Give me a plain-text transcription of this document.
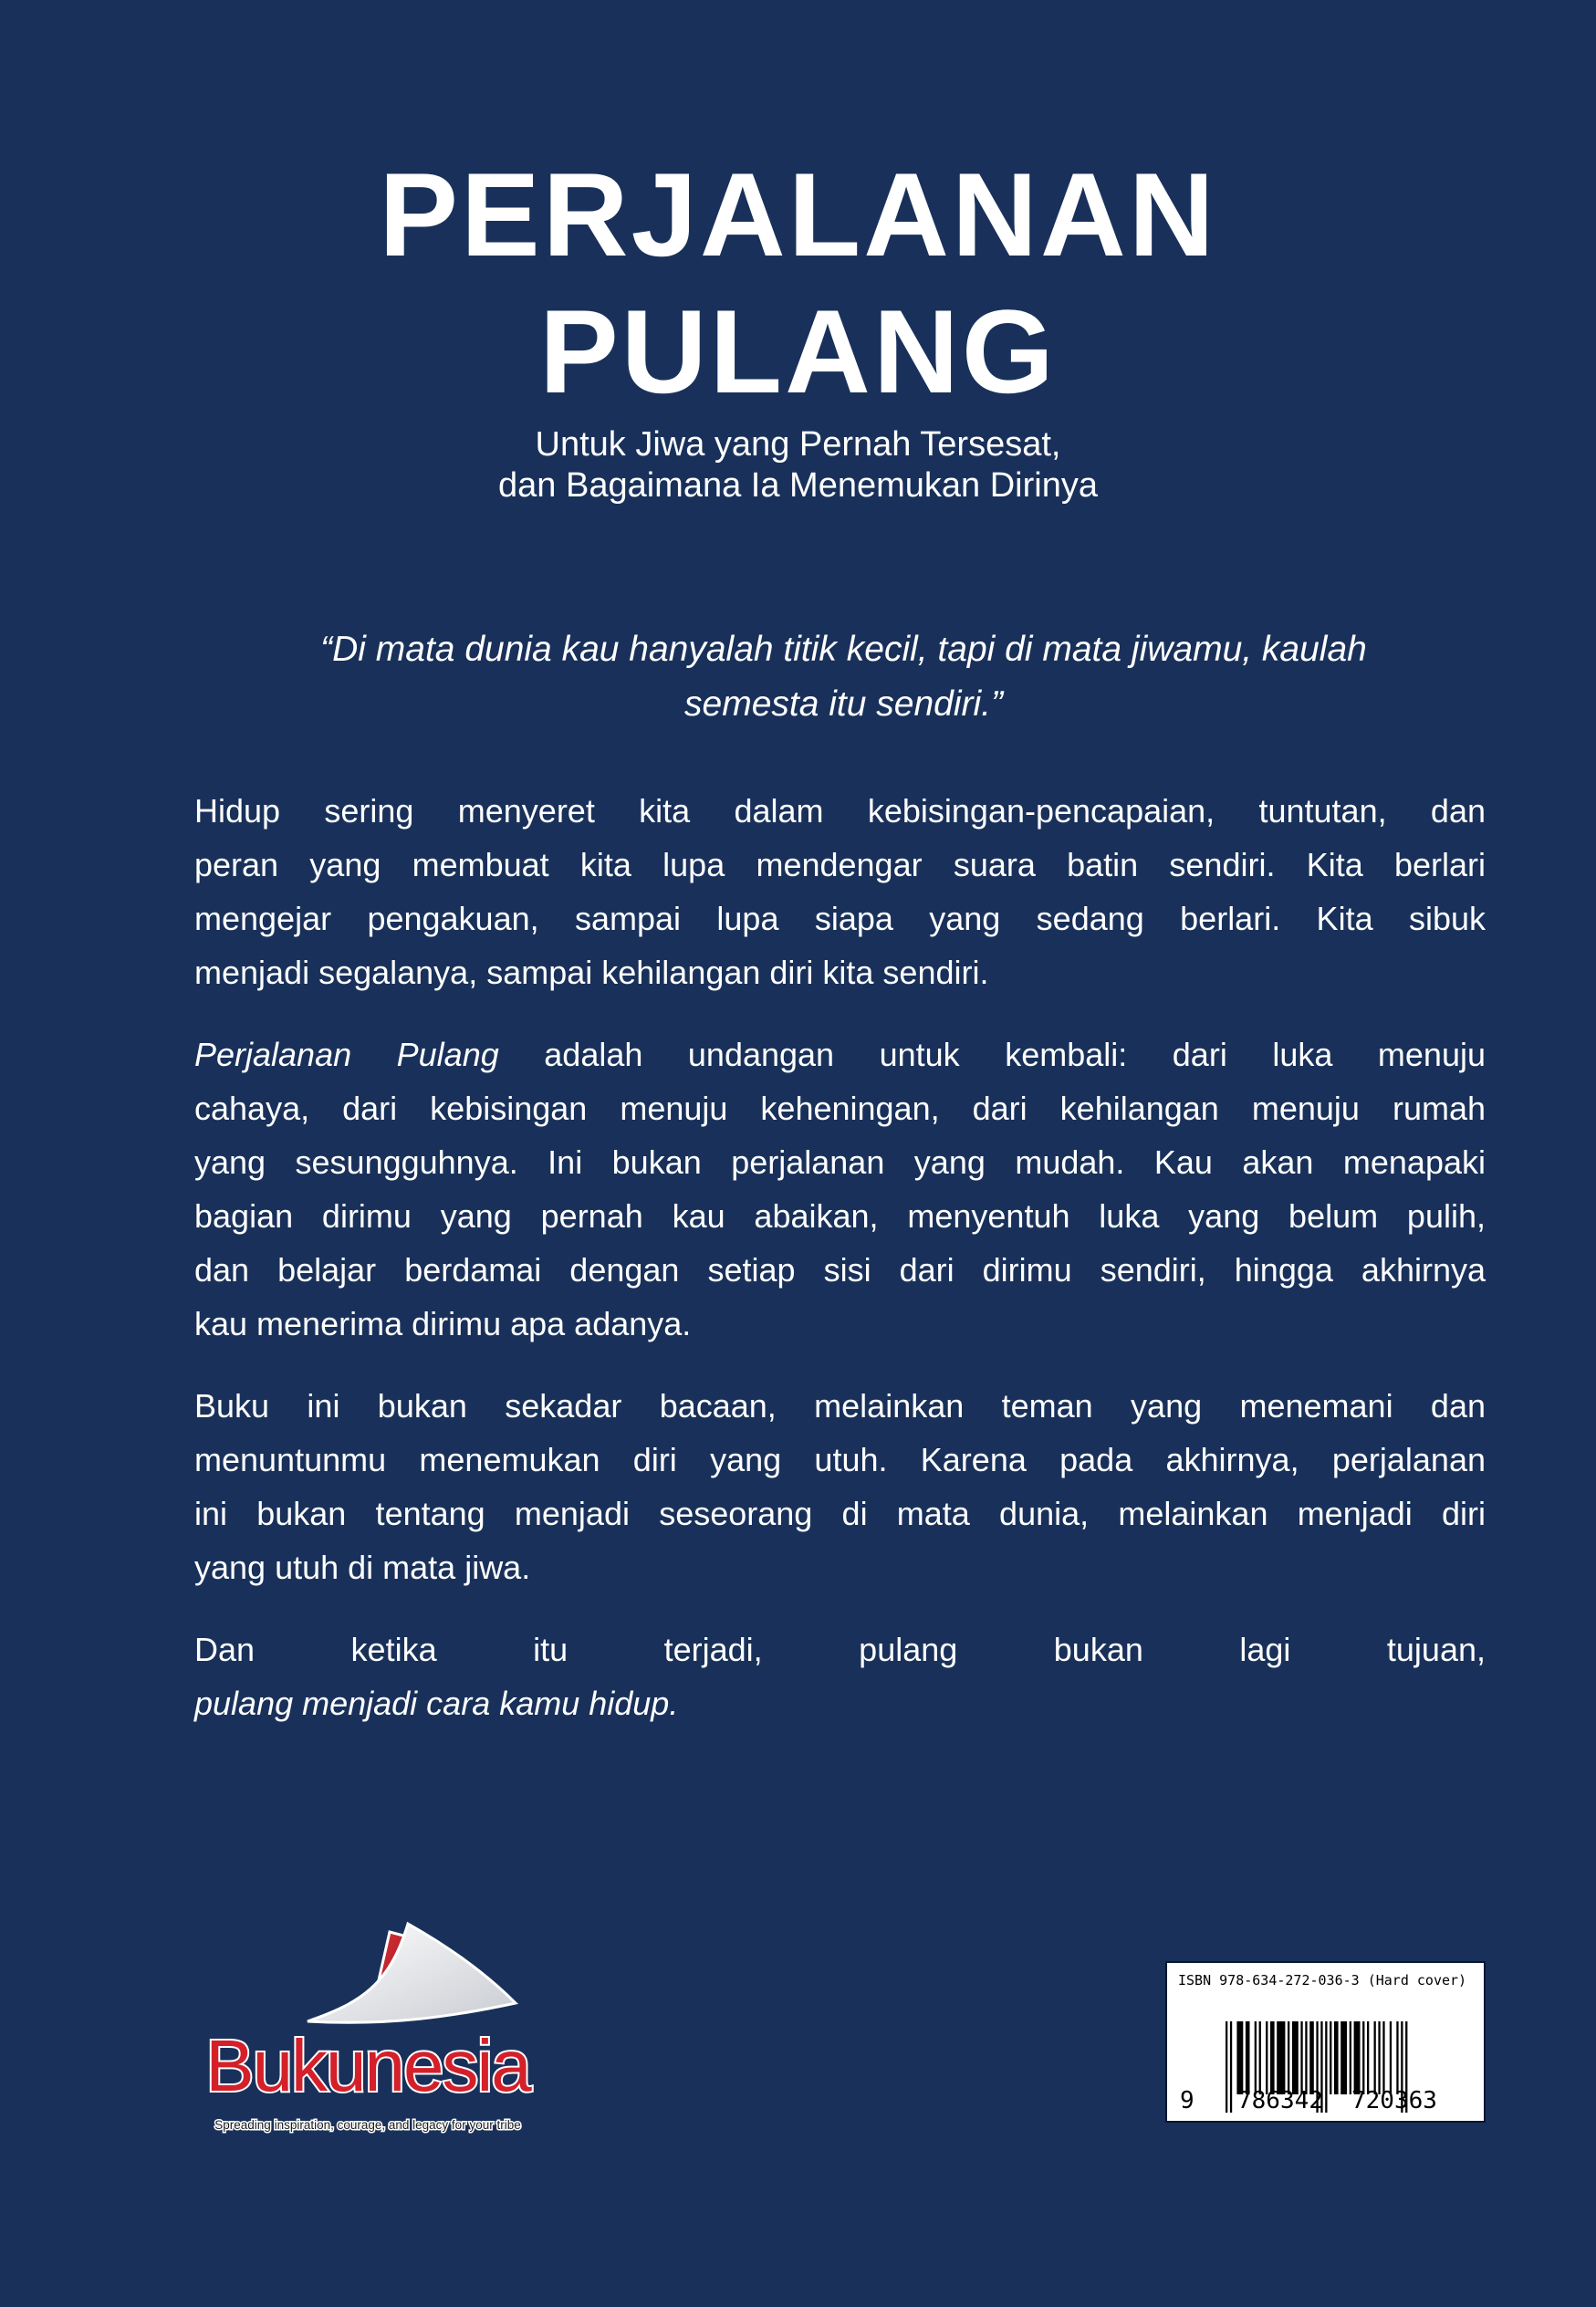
PERJALANAN
PULANG
Untuk Jiwa yang Pernah Tersesat,
dan Bagaimana Ia Menemukan Dirinya
“Di mata dunia kau hanyalah titik kecil, tapi di mata jiwamu, kaulah
semesta itu sendiri.”
Hidup sering menyeret kita dalam kebisingan-pencapaian, tuntutan, dan
peran yang membuat kita lupa mendengar suara batin sendiri. Kita berlari
mengejar pengakuan, sampai lupa siapa yang sedang berlari. Kita sibuk
menjadi segalanya, sampai kehilangan diri kita sendiri.
Perjalanan Pulang adalah undangan untuk kembali: dari luka menuju
cahaya, dari kebisingan menuju keheningan, dari kehilangan menuju rumah
yang sesungguhnya. Ini bukan perjalanan yang mudah. Kau akan menapaki
bagian dirimu yang pernah kau abaikan, menyentuh luka yang belum pulih,
dan belajar berdamai dengan setiap sisi dari dirimu sendiri, hingga akhirnya
kau menerima dirimu apa adanya.
Buku ini bukan sekadar bacaan, melainkan teman yang menemani dan
menuntunmu menemukan diri yang utuh. Karena pada akhirnya, perjalanan
ini bukan tentang menjadi seseorang di mata dunia, melainkan menjadi diri
yang utuh di mata jiwa.
Dan ketika itu terjadi, pulang bukan lagi tujuan,
pulang menjadi cara kamu hidup.
Bukunesia
Spreading inspiration, courage, and legacy for your tribe
ISBN 978-634-272-036-3 (Hard cover)
9 786342 720363
